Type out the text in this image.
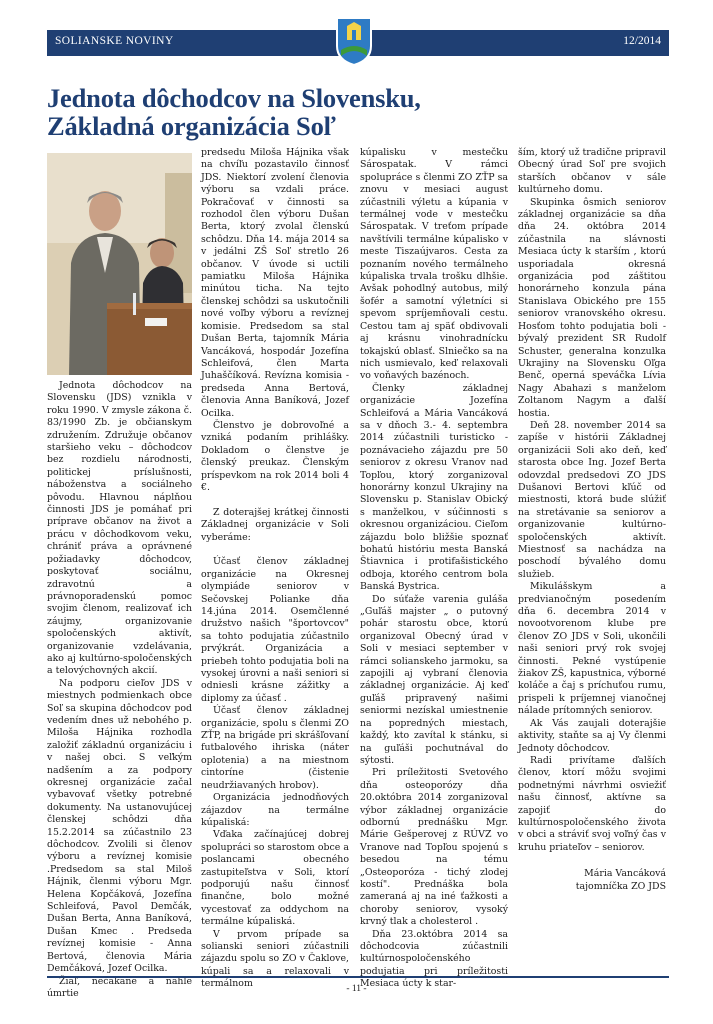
SOLIANSKE NOVINY	12/2014
Jednota dôchodcov na Slovensku,
Základná organizácia Soľ

Jednota dôchodcov na Slovensku (JDS) vznikla v roku 1990. V zmysle zákona č. 83/1990 Zb. je občianskym združením. Združuje občanov staršieho veku – dôchodcov bez rozdielu národnosti, politickej príslušnosti, náboženstva a sociálneho pôvodu. Hlavnou náplňou činnosti JDS je pomáhať pri príprave občanov na život a prácu v dôchodkovom veku, chrániť práva a oprávnené požiadavky dôchodcov, poskytovať sociálnu, zdravotnú a právnoporadenskú pomoc svojim členom, realizovať ich záujmy, organizovanie spoločenských aktivít, organizovanie vzdelávania, ako aj kultúrno-spoločenských a telovýchovných akcií.

Na podporu cieľov JDS v miestnych podmienkach obce Soľ sa skupina dôchodcov pod vedením dnes už nebohého p. Miloša Hájnika rozhodla založiť základnú organizáciu i v našej obci. S veľkým nadšením a za podpory okresnej organizácie začal vybavovať všetky potrebné dokumenty. Na ustanovujúcej členskej schôdzi dňa 15.2.2014 sa zúčastnilo 23 dôchodcov. Zvolili si členov výboru a revíznej komisie .Predsedom sa stal Miloš Hájnik, členmi výboru Mgr. Helena Kopčáková, Jozefína Schleifová, Pavol Demčák, Dušan Berta, Anna Baníková, Dušan Kmec . Predseda revíznej komisie - Anna Bertová, členovia Mária Demčáková, Jozef Ocilka.

Žiaľ, nečakané a náhle úmrtie

predsedu Miloša Hájnika však na chvíľu pozastavilo činnosť JDS. Niektorí zvolení členovia výboru sa vzdali práce. Pokračovať v činnosti sa rozhodol člen výboru Dušan Berta, ktorý zvolal členskú schôdzu. Dňa 14. mája 2014 sa v jedálni ZŠ Soľ stretlo 26 občanov. V úvode si uctili pamiatku Miloša Hájnika minútou ticha. Na tejto členskej schôdzi sa uskutočnili nové voľby výboru a revíznej komisie. Predsedom sa stal Dušan Berta, tajomník Mária Vancáková, hospodár Jozefína Schleifová, člen Marta Juhaščíková. Revízna komisia - predseda Anna Bertová, členovia Anna Baníková, Jozef Ocilka.

Členstvo je dobrovoľné a vzniká podaním prihlášky. Dokladom o členstve je členský preukaz. Členským príspevkom na rok 2014 boli 4 €.

Z doterajšej krátkej činnosti Základnej organizácie v Soli vyberáme:

Účasť členov základnej organizácie na Okresnej olympiáde seniorov v Sečovskej Polianke dňa 14.júna 2014. Osemčlenné družstvo našich "športovcov" sa tohto podujatia zúčastnilo prvýkrát. Organizácia a priebeh tohto podujatia boli na vysokej úrovni a naši seniori si odniesli krásne zážitky a diplomy za účasť .

Účasť členov základnej organizácie, spolu s členmi ZO ZŤP, na brigáde pri skrášľovaní futbalového ihriska (náter oplotenia) a na miestnom cintoríne (čistenie neudržiavaných hrobov).

Organizácia jednodňových zájazdov na termálne kúpaliská:

Vďaka začínajúcej dobrej spolupráci so starostom obce a poslancami obecného zastupiteľstva v Soli, ktorí podporujú našu činnosť finančne, bolo možné vycestovať za oddychom na termálne kúpaliská.

V prvom prípade sa solianski seniori zúčastnili zájazdu spolu so ZO v Čaklove, kúpali sa a relaxovali v termálnom

kúpalisku v mestečku Sárospatak. V rámci spolupráce s členmi ZO ZŤP sa znovu v mesiaci august zúčastnili výletu a kúpania v termálnej vode v mestečku Sárospatak. V treťom prípade navštívili termálne kúpalisko v meste Tiszaújvaros. Cesta za poznaním nového termálneho kúpaliska trvala trošku dlhšie. Avšak pohodlný autobus, milý šofér a samotní výletníci si spevom spríjemňovali cestu. Cestou tam aj späť obdivovali aj krásnu vinohradnícku tokajskú oblasť. Slniečko sa na nich usmievalo, keď relaxovali vo voňavých bazénoch.

Členky základnej organizácie Jozefína Schleifová a Mária Vancáková sa v dňoch 3.- 4. septembra 2014 zúčastnili turisticko - poznávacieho zájazdu pre 50 seniorov z okresu Vranov nad Topľou, ktorý zorganizoval honorárny konzul Ukrajiny na Slovensku p. Stanislav Obický s manželkou, v súčinnosti s okresnou organizáciou. Cieľom zájazdu bolo bližšie spoznať bohatú históriu mesta Banská Štiavnica i protifašistického odboja, ktorého centrom bola Banská Bystrica.

Do súťaže varenia guláša „Guľáš majster „ o putovný pohár starostu obce, ktorú organizoval Obecný úrad v Soli v mesiaci september v rámci solianskeho jarmoku, sa zapojili aj vybraní členovia základnej organizácie. Aj keď guľáš pripravený našimi seniormi nezískal umiestnenie na popredných miestach, každý, kto zavítal k stánku, si na guľáši pochutnával do sýtosti.

Pri príležitosti Svetového dňa osteoporózy dňa 20.októbra 2014 zorganizoval výbor základnej organizácie odbornú prednášku Mgr. Márie Gešperovej z RÚVZ vo Vranove nad Topľou spojenú s besedou na tému „Osteoporóza - tichý zlodej kostí". Prednáška bola zameraná aj na iné ťažkosti a choroby seniorov, vysoký krvný tlak a cholesterol .

Dňa 23.októbra 2014 sa dôchodcovia zúčastnili kultúrnospoločenského podujatia pri príležitosti Mesiaca úcty k star-

ším, ktorý už tradične pripravil Obecný úrad Soľ pre svojich starších občanov v sále kultúrneho domu.

Skupinka ôsmich seniorov základnej organizácie sa dňa dňa 24. októbra 2014 zúčastnila na slávnosti Mesiaca úcty k starším , ktorú usporiadala okresná organizácia pod záštitou honorárneho konzula pána Stanislava Obického pre 155 seniorov vranovského okresu. Hosťom tohto podujatia boli - bývalý prezident SR Rudolf Schuster, generalna konzulka Ukrajiny na Slovensku Oľga Benč, operná speváčka Lívia Nagy Abahazi s manželom Zoltanom Nagym a ďalší hostia.

Deň 28. november 2014 sa zapíše v histórii Základnej organizácii Soli ako deň, keď starosta obce Ing. Jozef Berta odovzdal predsedovi ZO JDS Dušanovi Bertovi kľúč od miestnosti, ktorá bude slúžiť na stretávanie sa seniorov a organizovanie kultúrno-spoločenských aktivít. Miestnosť sa nachádza na poschodí bývalého domu služieb.

Mikulášskym a predvianočným posedením dňa 6. decembra 2014 v novootvorenom klube pre členov ZO JDS v Soli, ukončili naši seniori prvý rok svojej činnosti. Pekné vystúpenie žiakov ZŠ, kapustnica, výborné koláče a čaj s príchuťou rumu, prispeli k príjemnej vianočnej nálade prítomných seniorov.

Ak Vás zaujali doterajšie aktivity, staňte sa aj Vy členmi Jednoty dôchodcov.

Radi privítame ďalších členov, ktorí môžu svojimi podnetnými návrhmi osviežiť našu činnosť, aktívne sa zapojiť do kultúrnospoločenského života v obci a stráviť svoj voľný čas v kruhu priateľov – seniorov.

Mária Vancáková
tajomníčka ZO JDS
- 11 -
